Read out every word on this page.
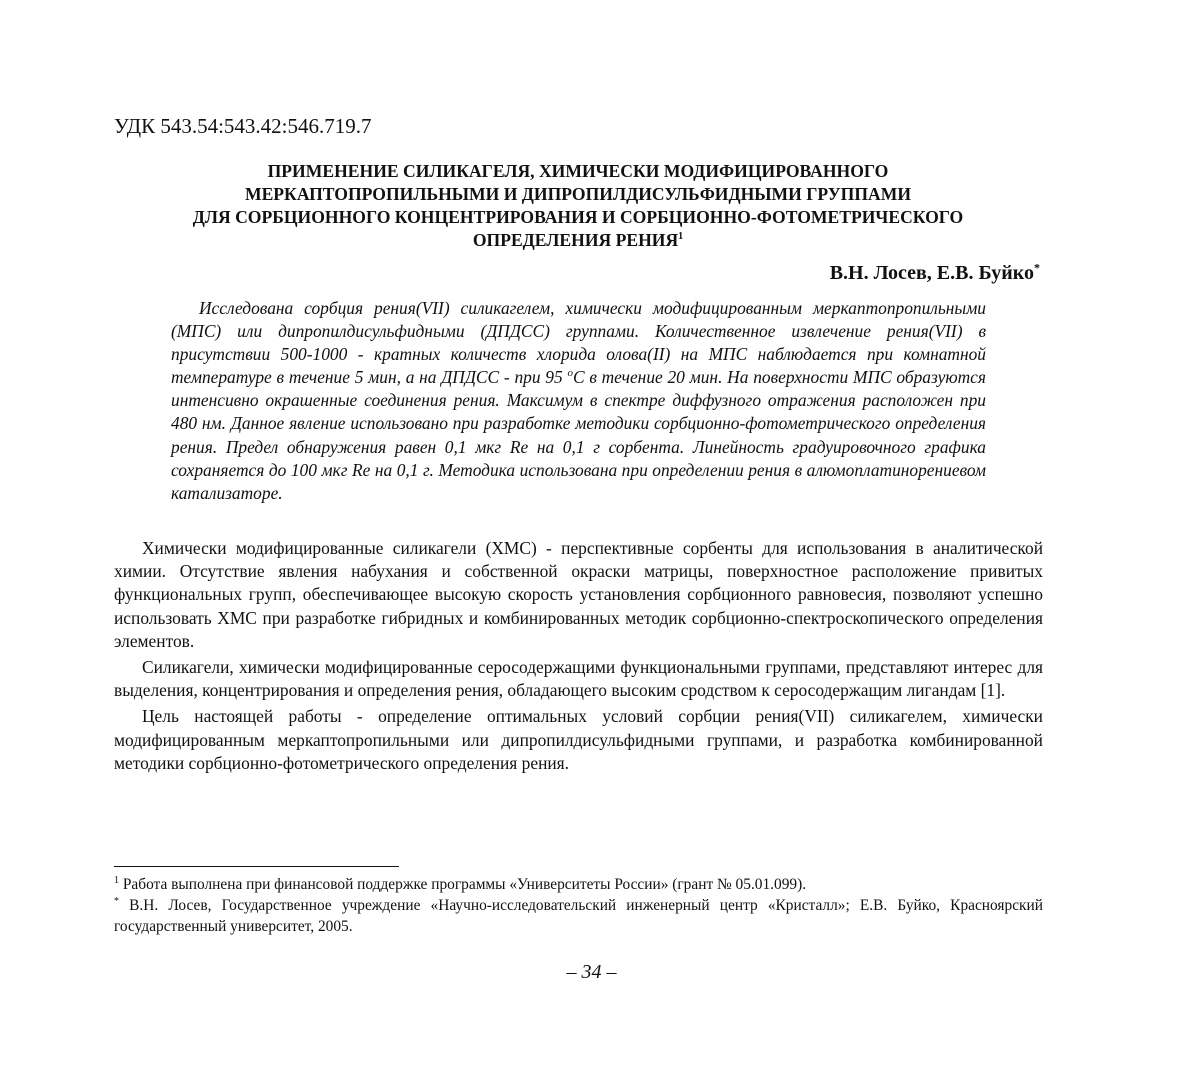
УДК 543.54:543.42:546.719.7
ПРИМЕНЕНИЕ СИЛИКАГЕЛЯ, ХИМИЧЕСКИ МОДИФИЦИРОВАННОГО
МЕРКАПТОПРОПИЛЬНЫМИ И ДИПРОПИЛДИСУЛЬФИДНЫМИ ГРУППАМИ
ДЛЯ СОРБЦИОННОГО КОНЦЕНТРИРОВАНИЯ И СОРБЦИОННО-ФОТОМЕТРИЧЕСКОГО
ОПРЕДЕЛЕНИЯ РЕНИЯ$^1$
В.Н. Лосев, Е.В. Буйко*
Исследована сорбция рения(VII) силикагелем, химически модифицированным меркаптопропильными (МПС) или дипропилдисульфидными (ДПДСС) группами. Количественное извлечение рения(VII) в присутствии 500-1000 - кратных количеств хлорида олова(II) на МПС наблюдается при комнатной температуре в течение 5 мин, а на ДПДСС - при 95 $^o$С в течение 20 мин. На поверхности МПС образуются интенсивно окрашенные соединения рения. Максимум в спектре диффузного отражения расположен при 480 нм. Данное явление использовано при разработке методики сорбционно-фотометрического определения рения. Предел обнаружения равен 0,1 мкг Re на 0,1 г сорбента. Линейность градуировочного графика сохраняется до 100 мкг Re на 0,1 г. Методика использована при определении рения в алюмоплатинорениевом катализаторе.

Химически модифицированные силикагели (ХМС) - перспективные сорбенты для использования в аналитической химии. Отсутствие явления набухания и собственной окраски матрицы, поверхностное расположение привитых функциональных групп, обеспечивающее высокую скорость установления сорбционного равновесия, позволяют успешно использовать ХМС при разработке гибридных и комбинированных методик сорбционно-спектроскопического определения элементов.

Силикагели, химически модифицированные серосодержащими функциональными группами, представляют интерес для выделения, концентрирования и определения рения, обладающего высоким сродством к серосодержащим лигандам [1].

Цель настоящей работы - определение оптимальных условий сорбции рения(VII) силикагелем, химически модифицированным меркаптопропильными или дипропилдисульфидными группами, и разработка комбинированной методики сорбционно-фотометрического определения рения.

$^1$ Работа выполнена при финансовой поддержке программы «Университеты России» (грант № 05.01.099).

* В.Н. Лосев, Государственное учреждение «Научно-исследовательский инженерный центр «Кристалл»; Е.В. Буйко, Красноярский государственный университет, 2005.

– 34 –
